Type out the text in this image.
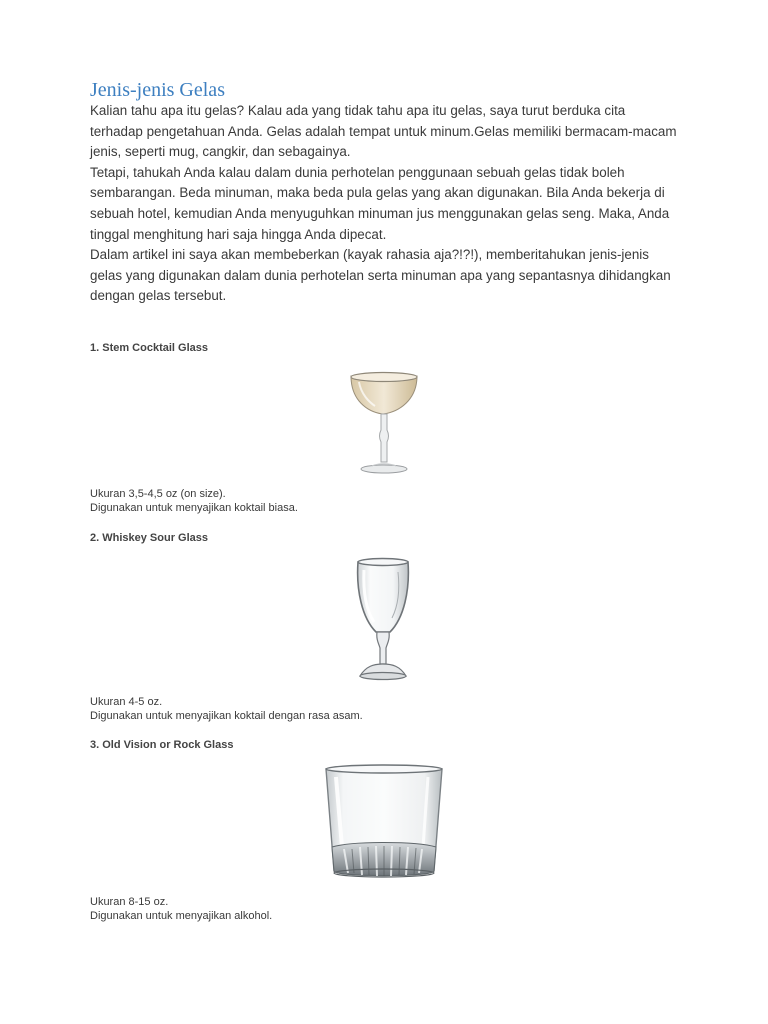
Jenis-jenis Gelas

Kalian tahu apa itu gelas? Kalau ada yang tidak tahu apa itu gelas, saya turut berduka cita terhadap pengetahuan Anda. Gelas adalah tempat untuk minum.Gelas memiliki bermacam-macam jenis, seperti mug, cangkir, dan sebagainya.

Tetapi, tahukah Anda kalau dalam dunia perhotelan penggunaan sebuah gelas tidak boleh sembarangan. Beda minuman, maka beda pula gelas yang akan digunakan. Bila Anda bekerja di sebuah hotel, kemudian Anda menyuguhkan minuman jus menggunakan gelas seng. Maka, Anda tinggal menghitung hari saja hingga Anda dipecat.

Dalam artikel ini saya akan membeberkan (kayak rahasia aja?!?!), memberitahukan jenis-jenis gelas yang digunakan dalam dunia perhotelan serta minuman apa yang sepantasnya dihidangkan dengan gelas tersebut.

1. Stem Cocktail Glass
Ukuran 3,5-4,5 oz (on size).
Digunakan untuk menyajikan koktail biasa.
2. Whiskey Sour Glass
Ukuran 4-5 oz.
Digunakan untuk menyajikan koktail dengan rasa asam.
3. Old Vision or Rock Glass
Ukuran 8-15 oz.
Digunakan untuk menyajikan alkohol.
